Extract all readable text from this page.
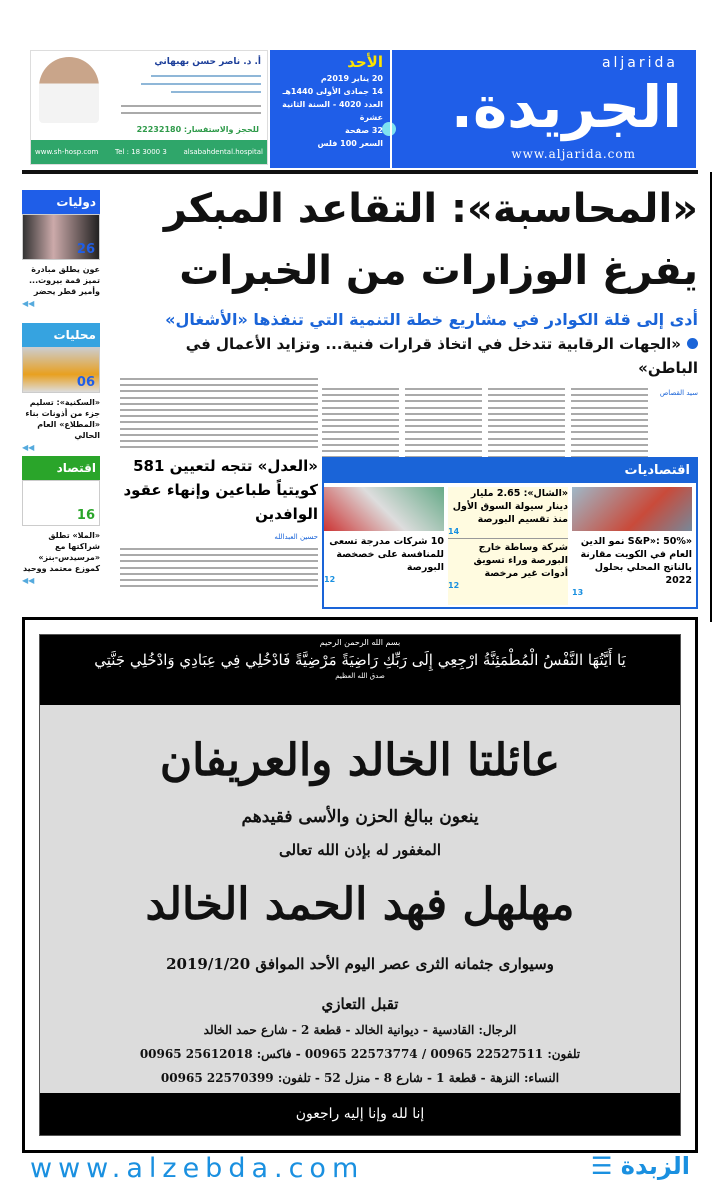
الجريدة.
aljarida
www.aljarida.com
الأحد
20 يناير 2019م
14 جمادى الأولى 1440هـ
العدد 4020 - السنة الثانية عشرة
32 صفحة
السعر 100 فلس
أ. د. ناصر حسن بهبهاني
للحجز والاستفسار: 22232180
www.sh-hosp.com Tel : 18 3000 3 alsabahdental.hospital
«المحاسبة»: التقاعد المبكر
يفرغ الوزارات من الخبرات
أدى إلى قلة الكوادر في مشاريع خطة التنمية التي تنفذها «الأشغال»
«الجهات الرقابية تتدخل في اتخاذ قرارات فنية... وتزايد الأعمال في الباطن»
سيد القصاص
«العدل» تتجه لتعيين 581 كويتياً طباعين وإنهاء عقود الوافدين
حسين العبدالله
دوليات
26
عون يطلق مبادرة تميز قمة بيروت... وأمير قطر يحضر
◀◀
محليات
06
«السكنية»: تسليم جزء من أذونات بناء «المطلاع» العام الحالي
◀◀
اقتصاد
16
«الملا» تطلق شراكتها مع «مرسيدس-بنز» كموزع معتمد ووحيد
◀◀
اقتصاديات
«S&P»: 50% نمو الدين العام في الكويت مقارنة بالناتج المحلي بحلول 2022
13
«الشال»: 2.65 مليار دينار سيولة السوق الأول منذ تقسيم البورصة
14
شركة وساطة خارج البورصة وراء تسويق أدوات غير مرخصة
12
10 شركات مدرجة تسعى للمنافسة على خصخصة البورصة
12
بسم الله الرحمن الرحيم
يَا أَيَّتُهَا النَّفْسُ الْمُطْمَئِنَّةُ ارْجِعِي إِلَى رَبِّكِ رَاضِيَةً مَرْضِيَّةً فَادْخُلِي فِي عِبَادِي وَادْخُلِي جَنَّتِي
صدق الله العظيم
عائلتا الخالد والعريفان
ينعون ببالغ الحزن والأسى فقيدهم
المغفور له بإذن الله تعالى
مهلهل فهد الحمد الخالد
وسيوارى جثمانه الثرى عصر اليوم الأحد الموافق 2019/1/20
تقبل التعازي
الرجال: القادسية - ديوانية الخالد - قطعة 2 - شارع حمد الخالد
تلفون: 22527511 00965 / 22573774 00965 - فاكس: 25612018 00965
النساء: النزهة - قطعة 1 - شارع 8 - منزل 52 - تلفون: 22570399 00965
إنا لله وإنا إليه راجعون
www.alzebda.com	الزبدة ☰
